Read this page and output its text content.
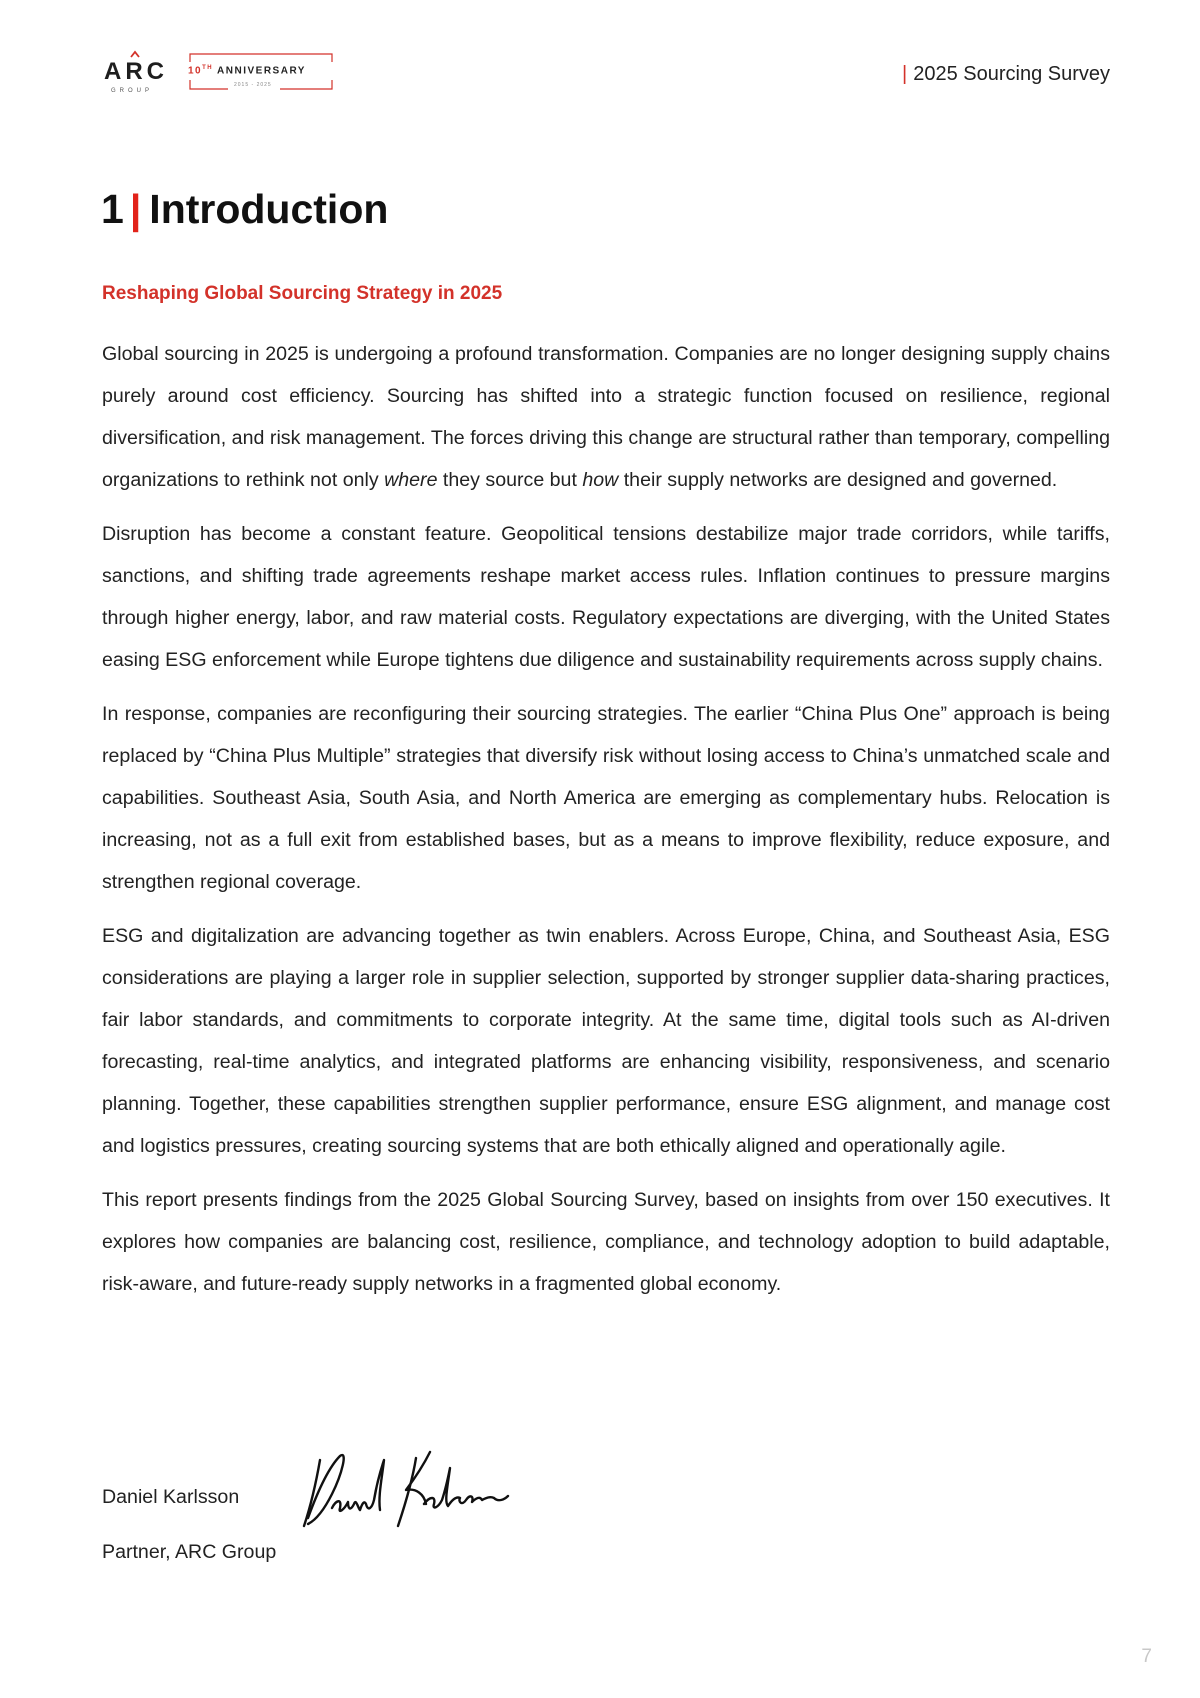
ARC
GROUP
10TH ANNIVERSARY
2015 - 2025	| 2025 Sourcing Survey
1 | Introduction
Reshaping Global Sourcing Strategy in 2025

Global sourcing in 2025 is undergoing a profound transformation. Companies are no longer designing supply chains purely around cost efficiency. Sourcing has shifted into a strategic function focused on resilience, regional diversification, and risk management. The forces driving this change are structural rather than temporary, compelling organizations to rethink not only where they source but how their supply networks are designed and governed.

Disruption has become a constant feature. Geopolitical tensions destabilize major trade corridors, while tariffs, sanctions, and shifting trade agreements reshape market access rules. Inflation continues to pressure margins through higher energy, labor, and raw material costs. Regulatory expectations are diverging, with the United States easing ESG enforcement while Europe tightens due diligence and sustainability requirements across supply chains.

In response, companies are reconfiguring their sourcing strategies. The earlier “China Plus One” approach is being replaced by “China Plus Multiple” strategies that diversify risk without losing access to China’s unmatched scale and capabilities. Southeast Asia, South Asia, and North America are emerging as complementary hubs. Relocation is increasing, not as a full exit from established bases, but as a means to improve flexibility, reduce exposure, and strengthen regional coverage.

ESG and digitalization are advancing together as twin enablers. Across Europe, China, and Southeast Asia, ESG considerations are playing a larger role in supplier selection, supported by stronger supplier data-sharing practices, fair labor standards, and commitments to corporate integrity. At the same time, digital tools such as AI-driven forecasting, real-time analytics, and integrated platforms are enhancing visibility, responsiveness, and scenario planning. Together, these capabilities strengthen supplier performance, ensure ESG alignment, and manage cost and logistics pressures, creating sourcing systems that are both ethically aligned and operationally agile.

This report presents findings from the 2025 Global Sourcing Survey, based on insights from over 150 executives. It explores how companies are balancing cost, resilience, compliance, and technology adoption to build adaptable, risk-aware, and future-ready supply networks in a fragmented global economy.

Daniel Karlsson
Partner, ARC Group
7
